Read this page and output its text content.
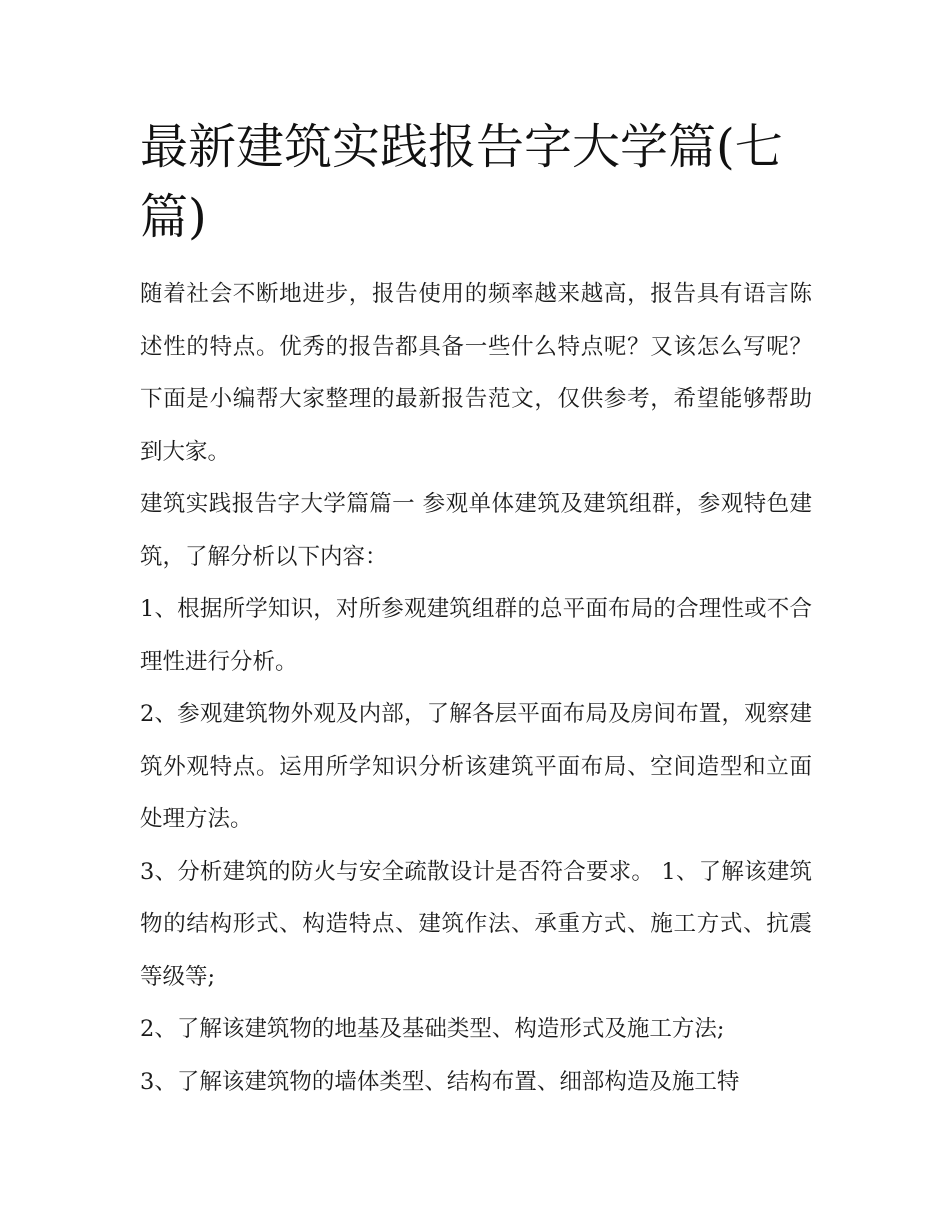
最新建筑实践报告字大学篇(七篇)

随着社会不断地进步，报告使用的频率越来越高，报告具有语言陈述性的特点。优秀的报告都具备一些什么特点呢？又该怎么写呢？下面是小编帮大家整理的最新报告范文，仅供参考，希望能够帮助到大家。

建筑实践报告字大学篇篇一 参观单体建筑及建筑组群，参观特色建筑，了解分析以下内容：

1、根据所学知识，对所参观建筑组群的总平面布局的合理性或不合理性进行分析。

2、参观建筑物外观及内部，了解各层平面布局及房间布置，观察建筑外观特点。运用所学知识分析该建筑平面布局、空间造型和立面处理方法。

3、分析建筑的防火与安全疏散设计是否符合要求。 1、了解该建筑物的结构形式、构造特点、建筑作法、承重方式、施工方式、抗震等级等;

2、了解该建筑物的地基及基础类型、构造形式及施工方法;

3、了解该建筑物的墙体类型、结构布置、细部构造及施工特
